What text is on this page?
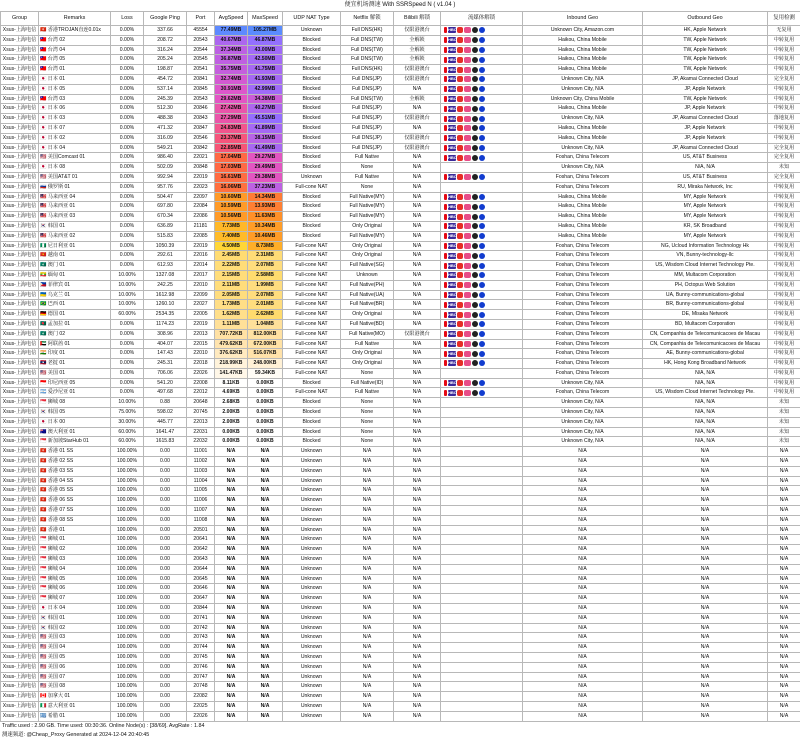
便宜机场测速 With SSRSpeed N ( v1.04 )
Group	Remarks	Loss	Google Ping	Port	AvgSpeed	MaxSpeed	UDP NAT Type	Netflix 解锁	Bilibili 解锁	流媒体解锁	Inbound Geo	Outbound Geo	复用检测
Xsus-上海电信	🇭🇰 香港TROJAN直连0.01x	0.00%	337.66	45554	77.49MB	105.27MB	Unknown	Full DNS(HK)	仅限港澳台	HBO	Unknown City, Amazon.com	HK, Apple Network	无复用
Xsus-上海电信	🇹🇼 台湾 02	0.00%	208.72	20543	40.67MB	46.87MB	Blocked	Full DNS(TW)	全解锁	HBO	Haikou, China Mobile	TW, Apple Network	中转复用
Xsus-上海电信	🇹🇼 台湾 04	0.00%	316.24	20544	37.34MB	43.00MB	Blocked	Full DNS(TW)	全解锁	HBO	Haikou, China Mobile	TW, Apple Network	中转复用
Xsus-上海电信	🇹🇼 台湾 05	0.00%	205.24	20545	36.87MB	42.50MB	Blocked	Full DNS(TW)	全解锁	HBO	Haikou, China Mobile	TW, Apple Network	中转复用
Xsus-上海电信	🇹🇼 台湾 01	0.00%	198.87	20541	35.75MB	41.75MB	Blocked	Full DNS(HK)	仅限港澳台	HBO	Haikou, China Mobile	TW, Apple Network	中转复用
Xsus-上海电信	🇯🇵 日本 01	0.00%	454.72	20841	32.74MB	41.93MB	Blocked	Full DNS(JP)	仅限港澳台	HBO	Unknown City, N/A	JP, Akamai Connected Cloud	完全复用
Xsus-上海电信	🇯🇵 日本 05	0.00%	537.14	20845	30.91MB	42.99MB	Blocked	Full DNS(JP)	N/A	HBO	Unknown City, N/A	JP, Apple Network	中转复用
Xsus-上海电信	🇹🇼 台湾 03	0.00%	245.39	20543	29.62MB	34.38MB	Blocked	Full DNS(TW)	全解锁	HBO	Unknown City, China Mobile	TW, Apple Network	中转复用
Xsus-上海电信	🇯🇵 日本 06	0.00%	512.30	20846	27.42MB	40.27MB	Blocked	Full DNS(JP)	N/A	HBO	Haikou, China Mobile	JP, Apple Network	中转复用
Xsus-上海电信	🇯🇵 日本 03	0.00%	488.38	20843	27.29MB	45.51MB	Blocked	Full DNS(JP)	仅限港澳台	HBO	Unknown City, N/A	JP, Akamai Connected Cloud	落地复用
Xsus-上海电信	🇯🇵 日本 07	0.00%	471.32	20847	24.83MB	41.89MB	Blocked	Full DNS(JP)	N/A	HBO	Haikou, China Mobile	JP, Apple Network	中转复用
Xsus-上海电信	🇯🇵 日本 02	0.00%	316.09	20546	23.37MB	38.15MB	Blocked	Full DNS(JP)	仅限港澳台	HBO	Haikou, China Mobile	JP, Apple Network	中转复用
Xsus-上海电信	🇯🇵 日本 04	0.00%	549.21	20842	22.85MB	41.49MB	Blocked	Full DNS(JP)	仅限港澳台	HBO	Unknown City, N/A	JP, Akamai Connected Cloud	完全复用
Xsus-上海电信	🇺🇸 美国Comcast 01	0.00%	986.40	22021	17.04MB	29.27MB	Blocked	Full Native	N/A	HBO	Foshan, China Telecom	US, AT&T Business	完全复用
Xsus-上海电信	🇯🇵 日本 08	0.00%	502.09	20848	17.03MB	29.49MB	Blocked	None	N/A		Unknown City, N/A	N/A, N/A	未知
Xsus-上海电信	🇺🇸 美国AT&T 01	0.00%	992.94	22019	16.61MB	29.38MB	Unknown	Full Native	N/A	HBO	Foshan, China Telecom	US, AT&T Business	完全复用
Xsus-上海电信	🇷🇺 俄罗斯 01	0.00%	957.76	22023	16.06MB	37.23MB	Full-cone NAT	None	N/A		Foshan, China Telecom	RU, Miraka Network, Inc	中转复用
Xsus-上海电信	🇲🇾 马来西亚 04	0.00%	504.47	22097	10.60MB	14.34MB	Blocked	Full Native(MY)	N/A	HBO	Haikou, China Mobile	MY, Apple Network	中转复用
Xsus-上海电信	🇲🇾 马来西亚 01	0.00%	697.80	22084	10.59MB	13.93MB	Blocked	Full Native(MY)	N/A	HBO	Haikou, China Mobile	MY, Apple Network	中转复用
Xsus-上海电信	🇲🇾 马来西亚 03	0.00%	670.34	22086	10.56MB	11.63MB	Blocked	Full Native(MY)	N/A	HBO	Haikou, China Mobile	MY, Apple Network	中转复用
Xsus-上海电信	🇰🇷 韩国 01	0.00%	636.89	21181	7.73MB	10.34MB	Blocked	Only Original	N/A	HBO	Haikou, China Mobile	KR, SK Broadband	中转复用
Xsus-上海电信	🇲🇾 马来西亚 02	0.00%	515.83	22085	7.40MB	10.46MB	Blocked	Full Native(MY)	N/A	HBO	Haikou, China Mobile	MY, Apple Network	中转复用
Xsus-上海电信	🇳🇬 尼日利亚 01	0.00%	1050.39	22019	4.50MB	8.73MB	Full-cone NAT	Only Original	N/A	HBO	Foshan, China Telecom	NG, Ucloud Information Technology Hk	中转复用
Xsus-上海电信	🇻🇳 越南 01	0.00%	292.61	22016	2.45MB	2.31MB	Full-cone NAT	Only Original	N/A	HBO	Foshan, China Telecom	VN, Bunny-technology-llc	中转复用
Xsus-上海电信	🇲🇴 澳门 01	0.00%	612.93	22014	2.22MB	2.07MB	Full-cone NAT	Full Native(SG)	N/A	HBO	Foshan, China Telecom	US, Wisdom Cloud Internet Technology Pte.	中转复用
Xsus-上海电信	🇲🇲 缅甸 01	10.00%	1327.08	22017	2.15MB	2.58MB	Full-cone NAT	Unknown	N/A	HBO	Foshan, China Telecom	MM, Multacom Corporation	中转复用
Xsus-上海电信	🇵🇭 菲律宾 01	10.00%	242.25	22010	2.11MB	1.99MB	Full-cone NAT	Full Native(PH)	N/A	HBO	Foshan, China Telecom	PH, Octopus Web Solution	中转复用
Xsus-上海电信	🇺🇦 乌克兰 01	10.00%	1612.98	22099	2.05MB	2.07MB	Full-cone NAT	Full Native(UA)	N/A	HBO	Foshan, China Telecom	UA, Bunny-communications-global	中转复用
Xsus-上海电信	🇧🇷 巴西 01	10.00%	1260.10	22027	1.73MB	2.01MB	Full-cone NAT	Full Native(BR)	N/A	HBO	Foshan, China Telecom	BR, Bunny-communications-global	中转复用
Xsus-上海电信	🇩🇪 德国 01	60.00%	2534.35	22005	1.62MB	2.62MB	Full-cone NAT	Only Original	N/A	HBO	Foshan, China Telecom	DE, Misaka Network	中转复用
Xsus-上海电信	🇧🇩 孟加拉 01	0.00%	1174.23	22019	1.11MB	1.04MB	Full-cone NAT	Full Native(BD)	N/A	HBO	Foshan, China Telecom	BD, Multacom Corporation	中转复用
Xsus-上海电信	🇲🇴 澳门 02	0.00%	308.96	22013	707.72KB	812.00KB	Full-cone NAT	Full Native(MO)	仅限港澳台	HBO	Foshan, China Telecom	CN, Companhia de Telecomunicacoes de Macau	中转复用
Xsus-上海电信	🇦🇪 阿联酋 01	0.00%	404.07	22015	479.62KB	672.00KB	Full-cone NAT	Full Native	N/A	HBO	Foshan, China Telecom	CN, Companhia de Telecomunicacoes de Macau	中转复用
Xsus-上海电信	🇮🇳 印度 01	0.00%	147.43	22010	376.62KB	516.07KB	Full-cone NAT	Only Original	N/A	HBO	Foshan, China Telecom	AE, Bunny-communications-global	中转复用
Xsus-上海电信	🇱🇦 老挝 01	0.00%	245.31	22018	218.99KB	248.00KB	Full-cone NAT	Only Original	N/A	HBO	Foshan, China Telecom	HK, Hong Kong Broadband Network	中转复用
Xsus-上海电信	🇺🇸 美国 01	0.00%	706.06	22026	141.47KB	59.34KB	Full-cone NAT	None	N/A		Foshan, China Telecom	N/A, N/A	中转复用
Xsus-上海电信	🇮🇩 印尼西亚 05	0.00%	541.20	22008	8.11KB	0.00KB	Blocked	Full Native(ID)	N/A	HBO	Unknown City, N/A	N/A, N/A	中转复用
Xsus-上海电信	🇦🇷 爱沙尼亚 01	0.00%	497.68	22012	4.69KB	0.00KB	Full-cone NAT	Full Native	N/A	HBO	Foshan, China Telecom	US, Wisdom Cloud Internet Technology Pte.	中转复用
Xsus-上海电信	🇸🇬 狮城 08	10.00%	0.88	20648	2.68KB	0.00KB	Blocked	None	N/A		Unknown City, N/A	N/A, N/A	未知
Xsus-上海电信	🇰🇷 韩国 05	75.00%	598.02	20745	2.00KB	0.00KB	Blocked	None	N/A		Unknown City, N/A	N/A, N/A	未知
Xsus-上海电信	🇯🇵 日本 00	30.00%	445.77	22013	2.00KB	0.00KB	Blocked	None	N/A		Unknown City, N/A	N/A, N/A	未知
Xsus-上海电信	🇦🇺 澳大利亚 01	60.00%	1641.47	22031	0.00KB	0.00KB	Blocked	None	N/A		Unknown City, N/A	N/A, N/A	未知
Xsus-上海电信	🇸🇬 新加坡StarHub 01	60.00%	1615.83	22032	0.00KB	0.00KB	Blocked	None	N/A		Unknown City, N/A	N/A, N/A	未知
Xsus-上海电信	🇭🇰 香港 01 SS	100.00%	0.00	11001	N/A	N/A	Unknown	N/A	N/A		N/A	N/A	N/A
Xsus-上海电信	🇭🇰 香港 02 SS	100.00%	0.00	11002	N/A	N/A	Unknown	N/A	N/A		N/A	N/A	N/A
Xsus-上海电信	🇭🇰 香港 03 SS	100.00%	0.00	11003	N/A	N/A	Unknown	N/A	N/A		N/A	N/A	N/A
Xsus-上海电信	🇭🇰 香港 04 SS	100.00%	0.00	11004	N/A	N/A	Unknown	N/A	N/A		N/A	N/A	N/A
Xsus-上海电信	🇭🇰 香港 05 SS	100.00%	0.00	11005	N/A	N/A	Unknown	N/A	N/A		N/A	N/A	N/A
Xsus-上海电信	🇭🇰 香港 06 SS	100.00%	0.00	11006	N/A	N/A	Unknown	N/A	N/A		N/A	N/A	N/A
Xsus-上海电信	🇭🇰 香港 07 SS	100.00%	0.00	11007	N/A	N/A	Unknown	N/A	N/A		N/A	N/A	N/A
Xsus-上海电信	🇭🇰 香港 08 SS	100.00%	0.00	11008	N/A	N/A	Unknown	N/A	N/A		N/A	N/A	N/A
Xsus-上海电信	🇭🇰 香港 01	100.00%	0.00	20501	N/A	N/A	Unknown	N/A	N/A		N/A	N/A	N/A
Xsus-上海电信	🇸🇬 狮城 01	100.00%	0.00	20641	N/A	N/A	Unknown	N/A	N/A		N/A	N/A	N/A
Xsus-上海电信	🇸🇬 狮城 02	100.00%	0.00	20642	N/A	N/A	Unknown	N/A	N/A		N/A	N/A	N/A
Xsus-上海电信	🇸🇬 狮城 03	100.00%	0.00	20643	N/A	N/A	Unknown	N/A	N/A		N/A	N/A	N/A
Xsus-上海电信	🇸🇬 狮城 04	100.00%	0.00	20644	N/A	N/A	Unknown	N/A	N/A		N/A	N/A	N/A
Xsus-上海电信	🇸🇬 狮城 05	100.00%	0.00	20645	N/A	N/A	Unknown	N/A	N/A		N/A	N/A	N/A
Xsus-上海电信	🇸🇬 狮城 06	100.00%	0.00	20646	N/A	N/A	Unknown	N/A	N/A		N/A	N/A	N/A
Xsus-上海电信	🇸🇬 狮城 07	100.00%	0.00	20647	N/A	N/A	Unknown	N/A	N/A		N/A	N/A	N/A
Xsus-上海电信	🇯🇵 日本 04	100.00%	0.00	20844	N/A	N/A	Unknown	N/A	N/A		N/A	N/A	N/A
Xsus-上海电信	🇰🇷 韩国 01	100.00%	0.00	20741	N/A	N/A	Unknown	N/A	N/A		N/A	N/A	N/A
Xsus-上海电信	🇰🇷 韩国 02	100.00%	0.00	20742	N/A	N/A	Unknown	N/A	N/A		N/A	N/A	N/A
Xsus-上海电信	🇺🇸 美国 03	100.00%	0.00	20743	N/A	N/A	Unknown	N/A	N/A		N/A	N/A	N/A
Xsus-上海电信	🇺🇸 美国 04	100.00%	0.00	20744	N/A	N/A	Unknown	N/A	N/A		N/A	N/A	N/A
Xsus-上海电信	🇺🇸 美国 05	100.00%	0.00	20745	N/A	N/A	Unknown	N/A	N/A		N/A	N/A	N/A
Xsus-上海电信	🇺🇸 美国 06	100.00%	0.00	20746	N/A	N/A	Unknown	N/A	N/A		N/A	N/A	N/A
Xsus-上海电信	🇺🇸 美国 07	100.00%	0.00	20747	N/A	N/A	Unknown	N/A	N/A		N/A	N/A	N/A
Xsus-上海电信	🇺🇸 美国 08	100.00%	0.00	20748	N/A	N/A	Unknown	N/A	N/A		N/A	N/A	N/A
Xsus-上海电信	🇨🇦 加拿大 01	100.00%	0.00	22082	N/A	N/A	Unknown	N/A	N/A		N/A	N/A	N/A
Xsus-上海电信	🇮🇹 意大利亚 01	100.00%	0.00	22025	N/A	N/A	Unknown	N/A	N/A		N/A	N/A	N/A
Xsus-上海电信	🇬🇷 希腊 01	100.00%	0.00	22026	N/A	N/A	Unknown	N/A	N/A		N/A	N/A	N/A
Traffic used : 2.90 GB. Time used: 00:30:36. Online Node(s) : [38/69]. AvgRate : 1.84
测速频道: @Cheap_Proxy Generated at 2024-12-04 20:40:45
